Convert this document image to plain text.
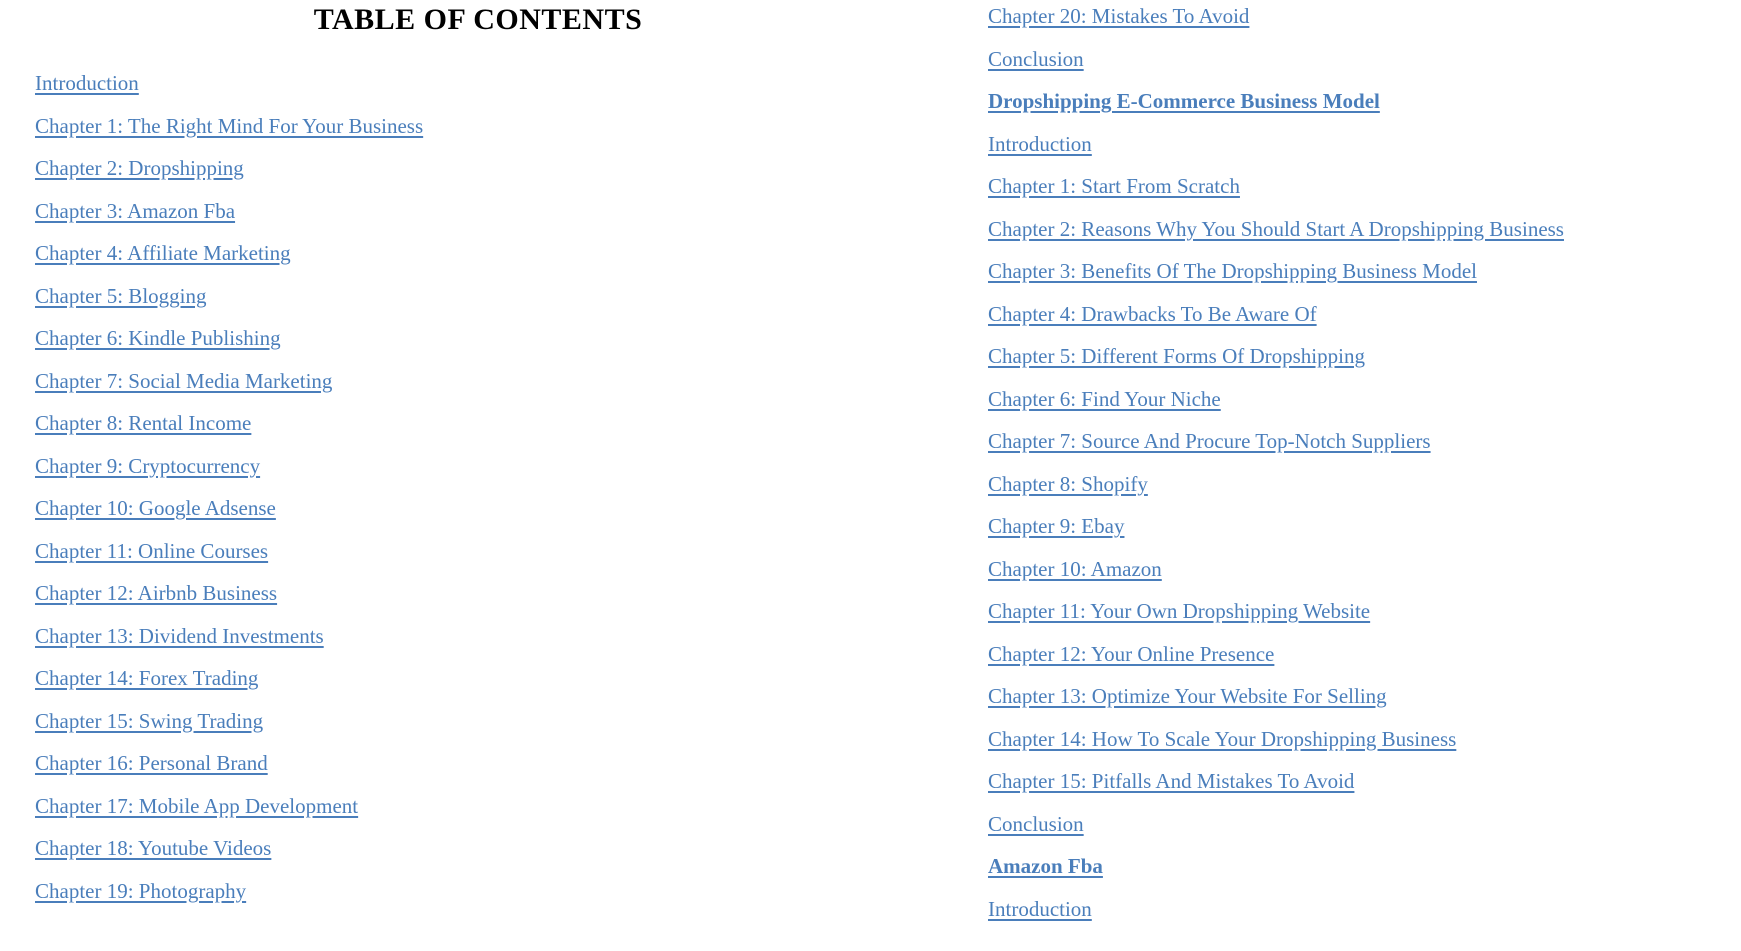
TABLE OF CONTENTS
Introduction
Chapter 1: The Right Mind For Your Business
Chapter 2: Dropshipping
Chapter 3: Amazon Fba
Chapter 4: Affiliate Marketing
Chapter 5: Blogging
Chapter 6: Kindle Publishing
Chapter 7: Social Media Marketing
Chapter 8: Rental Income
Chapter 9: Cryptocurrency
Chapter 10: Google Adsense
Chapter 11: Online Courses
Chapter 12: Airbnb Business
Chapter 13: Dividend Investments
Chapter 14: Forex Trading
Chapter 15: Swing Trading
Chapter 16: Personal Brand
Chapter 17: Mobile App Development
Chapter 18: Youtube Videos
Chapter 19: Photography
Chapter 20: Mistakes To Avoid
Conclusion
Dropshipping E-Commerce Business Model
Introduction
Chapter 1: Start From Scratch
Chapter 2: Reasons Why You Should Start A Dropshipping Business
Chapter 3: Benefits Of The Dropshipping Business Model
Chapter 4: Drawbacks To Be Aware Of
Chapter 5: Different Forms Of Dropshipping
Chapter 6: Find Your Niche
Chapter 7: Source And Procure Top-Notch Suppliers
Chapter 8: Shopify
Chapter 9: Ebay
Chapter 10: Amazon
Chapter 11: Your Own Dropshipping Website
Chapter 12: Your Online Presence
Chapter 13: Optimize Your Website For Selling
Chapter 14: How To Scale Your Dropshipping Business
Chapter 15: Pitfalls And Mistakes To Avoid
Conclusion
Amazon Fba
Introduction
